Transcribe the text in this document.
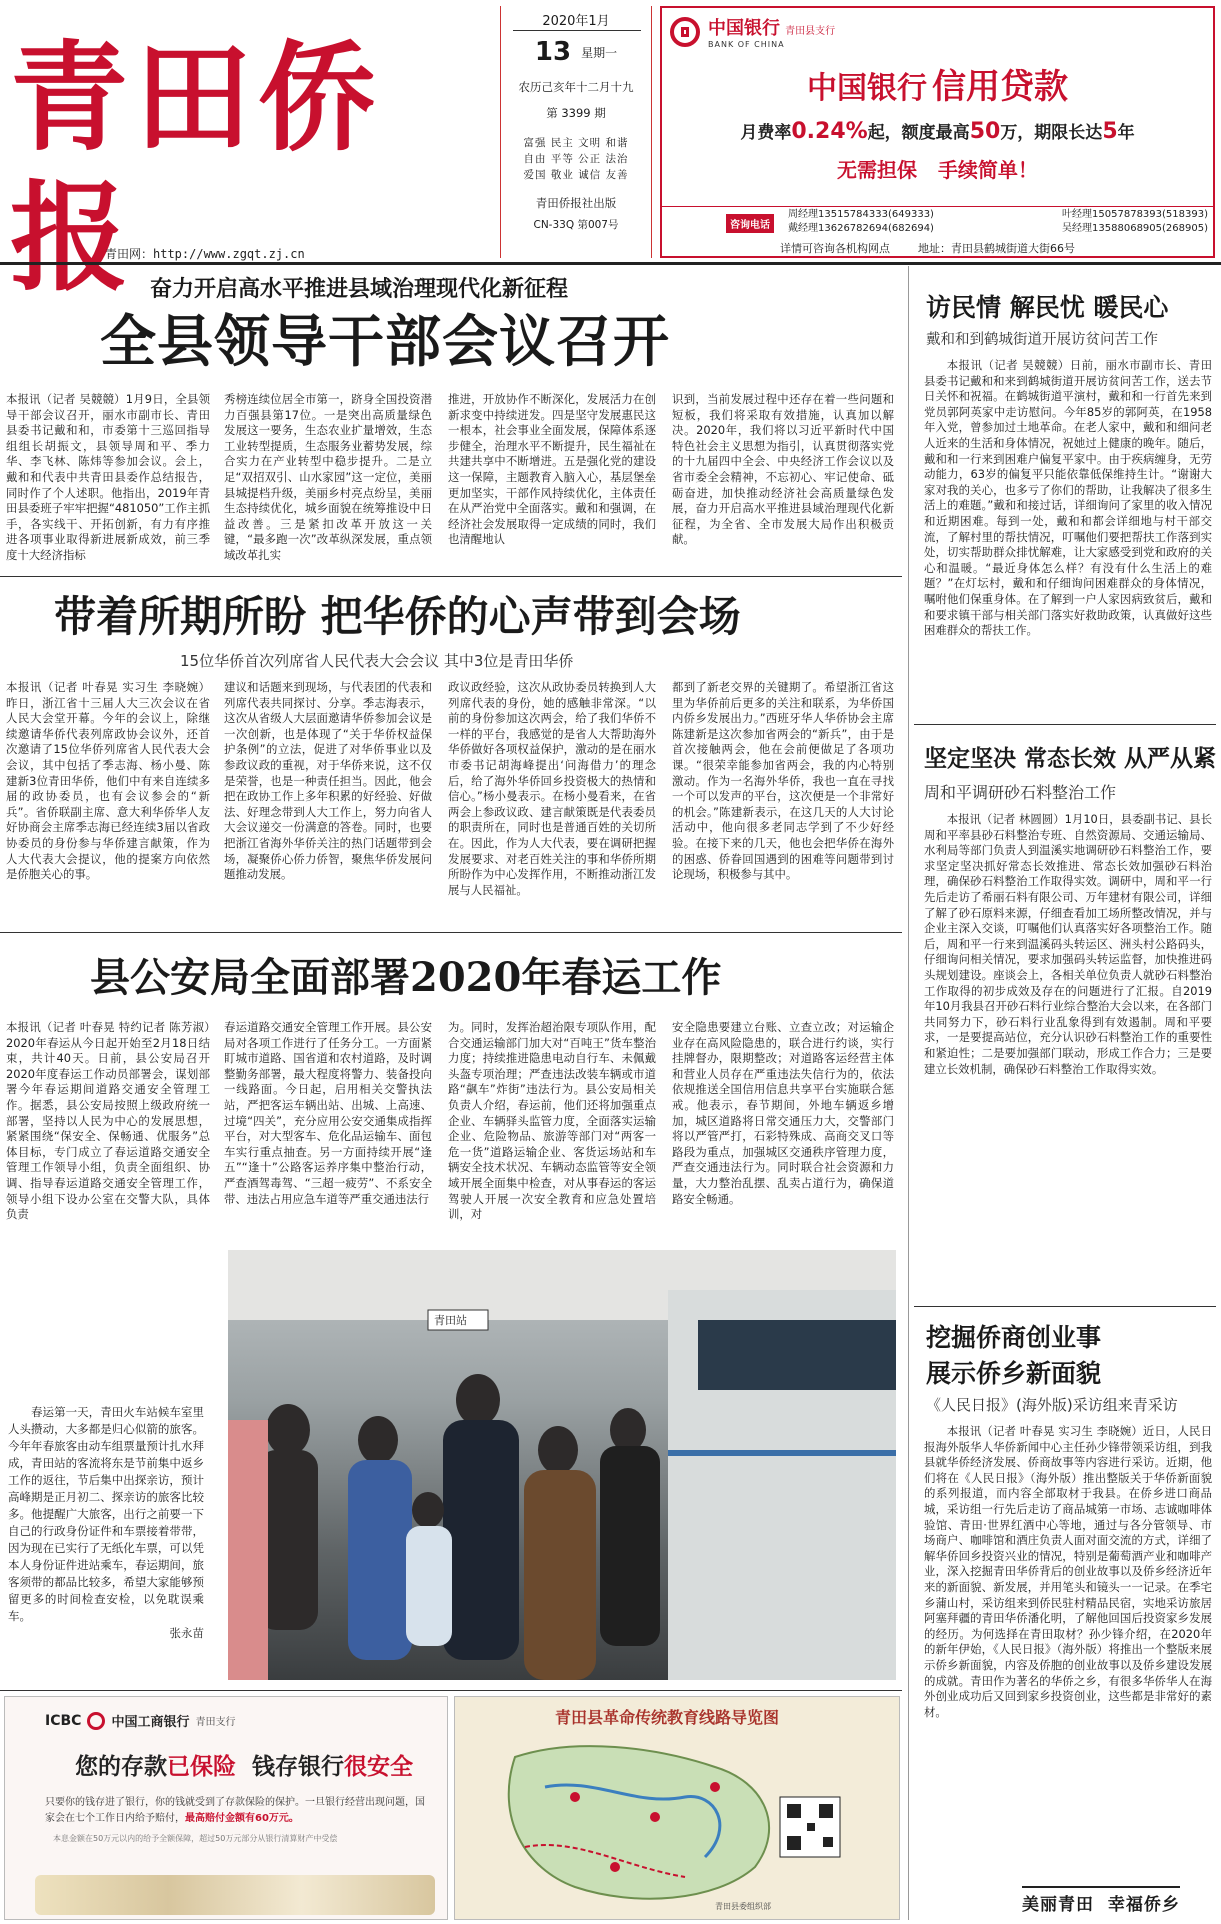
青田侨报
青田网：http://www.zgqt.zj.cn
2020年1月
13 星期一
农历己亥年十二月十九
第 3399 期
富强 民主 文明 和谐
自由 平等 公正 法治
爱国 敬业 诚信 友善
青田侨报社出版
CN-33Q 第007号
中国银行 青田县支行
BANK OF CHINA
中国银行 信用贷款
月费率0.24%起，额度最高50万，期限长达5年
无需担保 手续简单！
咨询电话
周经理13515784333(649333)	叶经理15057878393(518393)
戴经理13626782694(682694)	吴经理13588068905(268905)
详情可咨询各机构网点	地址：青田县鹤城街道大街66号
奋力开启高水平推进县域治理现代化新征程
全县领导干部会议召开
本报讯（记者 吴競競）1月9日，全县领导干部会议召开，丽水市副市长、青田县委书记戴和和，市委第十三巡回指导组组长胡振文，县领导周和平、季力华、李飞林、陈炜等参加会议。会上，戴和和代表中共青田县委作总结报告，同时作了个人述职。他指出，2019年青田县委班子牢牢把握“481050”工作主抓手，各实线干、开拓创新，有力有序推进各项事业取得新进展新成效，前三季度十大经济指标
秀榜连续位居全市第一，跻身全国投资潜力百强县第17位。一是突出高质量绿色发展这一要务，生态农业扩量增效，生态工业转型提质，生态服务业蓄势发展，综合实力在产业转型中稳步提升。二是立足“双招双引、山水家园”这一定位，美丽县城提档升级，美丽乡村亮点纷呈，美丽生态持续优化，城乡面貌在统筹推设中日益改善。三是紧扣改革开放这一关键，“最多跑一次”改革纵深发展，重点领域改革扎实
推进，开放协作不断深化，发展活力在创新求变中持续迸发。四是坚守发展惠民这一根本，社会事业全面发展，保障体系逐步健全，治理水平不断提升，民生福祉在共建共享中不断增进。五是强化党的建设这一保障，主题教育入脑入心，基层堡垒更加坚实，干部作风持续优化，主体责任在从严治党中全面落实。戴和和强调，在经济社会发展取得一定成绩的同时，我们也清醒地认
识到，当前发展过程中还存在着一些问题和短板，我们将采取有效措施，认真加以解决。2020年，我们将以习近平新时代中国特色社会主义思想为指引，认真贯彻落实党的十九届四中全会、中央经济工作会议以及省市委全会精神，不忘初心、牢记使命、砥砺奋进，加快推动经济社会高质量绿色发展，奋力开启高水平推进县域治理现代化新征程，为全省、全市发展大局作出积极贡献。
带着所期所盼 把华侨的心声带到会场
15位华侨首次列席省人民代表大会会议 其中3位是青田华侨
本报讯（记者 叶春晃 实习生 李晓婉）昨日，浙江省十三届人大三次会议在省人民大会堂开幕。今年的会议上，除继续邀请华侨代表列席政协会议外，还首次邀请了15位华侨列席省人民代表大会会议，其中包括了季志海、杨小曼、陈建新3位青田华侨，他们中有来自连续多届的政协委员，也有会议参会的“新兵”。省侨联副主席、意大利华侨华人友好协商会主席季志海已经连续3届以省政协委员的身份参与华侨建言献策，作为人大代表大会提议，他的提案方向依然是侨胞关心的事。
建议和话题来到现场，与代表团的代表和列席代表共同探讨、分享。季志海表示，这次从省级人大层面邀请华侨参加会议是一次创新，也是体现了“关于华侨权益保护条例”的立法，促进了对华侨事业以及参政议政的重视，对于华侨来说，这不仅是荣誉，也是一种责任担当。因此，他会把在政协工作上多年积累的好经验、好做法、好理念带到人大工作上，努力向省人大会议递交一份满意的答卷。同时，也要把浙江省海外华侨关注的热门话题带到会场，凝聚侨心侨力侨智，聚焦华侨发展问题推动发展。
政议政经验，这次从政协委员转换到人大列席代表的身份，她的感触非常深。“以前的身份参加这次两会，给了我们华侨不一样的平台，我感觉的是省人大帮助海外华侨做好各项权益保护，激动的是在丽水市委书记胡海峰提出‘问海借力’的理念后，给了海外华侨回乡投资极大的热情和信心。”杨小曼表示。在杨小曼看来，在省两会上参政议政、建言献策既是代表委员的职责所在，同时也是普通百姓的关切所在。因此，作为人大代表，要在调研把握发展要求、对老百姓关注的事和华侨所期所盼作为中心发挥作用，不断推动浙江发展与人民福祉。
都到了新老交界的关键期了。希望浙江省这里为华侨前后更多的关注和联系，为华侨国内侨乡发展出力。”西班牙华人华侨协会主席陈建新是这次参加省两会的“新兵”，由于是首次接触两会，他在会前便做足了各项功课。“很荣幸能参加省两会，我的内心特别激动。作为一名海外华侨，我也一直在寻找一个可以发声的平台，这次便是一个非常好的机会。”陈建新表示，在这几天的人大讨论活动中，他向很多老同志学到了不少好经验。在接下来的几天，他也会把华侨在海外的困惑、侨眷回国遇到的困难等问题带到讨论现场，积极参与其中。
县公安局全面部署2020年春运工作
本报讯（记者 叶春晃 特约记者 陈芳淑）2020年春运从今日起开始至2月18日结束，共计40天。日前，县公安局召开2020年度春运工作动员部署会，谋划部署今年春运期间道路交通安全管理工作。据悉，县公安局按照上级政府统一部署，坚持以人民为中心的发展思想，紧紧围绕“保安全、保畅通、优服务”总体目标，专门成立了春运道路交通安全管理工作领导小组，负责全面组织、协调、指导春运道路交通安全管理工作，领导小组下设办公室在交警大队，具体负责
春运道路交通安全管理工作开展。县公安局对各项工作进行了任务分工。一方面紧盯城市道路、国省道和农村道路，及时调整勤务部署，最大程度将警力、装备投向一线路面。今日起，启用相关交警执法站，严把客运车辆出站、出城、上高速、过境“四关”，充分应用公安交通集成指挥平台，对大型客车、危化品运输车、面包车实行重点抽查。另一方面持续开展“逢五”“逢十”公路客运养序集中整治行动，严查酒驾毒驾、“三超一疲劳”、不系安全带、违法占用应急车道等严重交通违法行
为。同时，发挥治超治限专项队作用，配合交通运输部门加大对“百吨王”货车整治力度；持续推进隐患电动自行车、未佩戴头盔专项治理；严查违法改装车辆或市道路“飙车”炸街”违法行为。县公安局相关负责人介绍，春运前，他们还将加强重点企业、车辆驿头监管力度，全面落实运输企业、危险物品、旅游等部门对“两客一危一货”道路运输企业、客货运场站和车辆安全技术状况、车辆动态监管等安全领域开展全面集中检查，对从事春运的客运驾驶人开展一次安全教育和应急处置培训，对
安全隐患要建立台账、立查立改；对运输企业存在高风险隐患的，联合进行约谈，实行挂牌督办，限期整改；对道路客运经营主体和营业人员存在严重违法失信行为的，依法依规推送全国信用信息共享平台实施联合惩戒。他表示，春节期间，外地车辆返乡增加，城区道路将日常交通压力大，交警部门将以严管严打，石彩特殊成、高商交叉口等路段为重点，加强城区交通秩序管理力度，严查交通违法行为。同时联合社会资源和力量，大力整治乱摆、乱卖占道行为，确保道路安全畅通。
春运第一天，青田火车站候车室里人头攒动，大多都是归心似箭的旅客。今年年春旅客由动车组票量预计扎水拜成，青田站的客流将东是节前集中返乡工作的返往，节后集中出探亲访，预计高峰期是正月初二、探亲访的旅客比较多。他提醒广大旅客，出行之前要一下自己的行政身份证件和车票接着带带，因为现在已实行了无纸化车票，可以凭本人身份证件进站乘车，春运期间，旅客须带的都品比较多，希望大家能够预留更多的时间检查安检，以免耽误乘车。
张永苗
青田站
ICBC 中国工商银行 青田支行
您的存款已保险 钱存银行很安全
只要你的钱存进了银行，你的钱就受到了存款保险的保护。一旦银行经营出现问题，国家会在七个工作日内给予赔付，最高赔付金额有60万元。
本息金额在50万元以内的给予全额保障，超过50万元部分从银行清算财产中受偿
青田县革命传统教育线路导览图
青田县委组织部
访民情 解民忧 暖民心
戴和和到鹤城街道开展访贫问苦工作
本报讯（记者 吴競競）日前，丽水市副市长、青田县委书记戴和和来到鹤城街道开展访贫问苦工作，送去节日关怀和祝福。在鹤城街道平演村，戴和和一行首先来到党员郭阿英家中走访慰问。今年85岁的郭阿英，在1958年入党，曾参加过土地革命。在老人家中，戴和和细问老人近来的生活和身体情况，祝她过上健康的晚年。随后，戴和和一行来到困难户偏复平家中。由于疾病缠身，无劳动能力，63岁的偏复平只能依靠低保维持生计。“谢谢大家对我的关心，也多亏了你们的帮助，让我解决了很多生活上的难题。”戴和和接过话，详细询问了家里的收入情况和近期困难。每到一处，戴和和都会详细地与村干部交流，了解村里的帮扶情况，叮嘱他们要把帮扶工作落到实处，切实帮助群众排忧解难，让大家感受到党和政府的关心和温暖。“最近身体怎么样？有没有什么生活上的难题？”在灯坛村，戴和和仔细询问困难群众的身体情况，嘱咐他们保重身体。在了解到一户人家因病致贫后，戴和和要求镇干部与相关部门落实好救助政策，认真做好这些困难群众的帮扶工作。
坚定坚决 常态长效 从严从紧
周和平调研砂石料整治工作
本报讯（记者 林圆圆）1月10日，县委副书记、县长周和平率县砂石料整治专班、自然资源局、交通运输局、水利局等部门负责人到温溪实地调研砂石料整治工作，要求坚定坚决抓好常态长效推进、常态长效加强砂石料治理，确保砂石料整治工作取得实效。调研中，周和平一行先后走访了希丽石料有限公司、万年建材有限公司，详细了解了砂石原料来源，仔细查看加工场所整改情况，并与企业主深入交谈，叮嘱他们认真落实好各项整治工作。随后，周和平一行来到温溪码头转运区、洲头村公路码头，仔细询问相关情况，要求加强码头转运监督，加快推进码头规划建设。座谈会上，各相关单位负责人就砂石料整治工作取得的初步成效及存在的问题进行了汇报。自2019年10月我县召开砂石料行业综合整治大会以来，在各部门共同努力下，砂石料行业乱象得到有效遏制。周和平要求，一是要提高站位，充分认识砂石料整治工作的重要性和紧迫性；二是要加强部门联动，形成工作合力；三是要建立长效机制，确保砂石料整治工作取得实效。
挖掘侨商创业事
展示侨乡新面貌
《人民日报》(海外版)采访组来青采访
本报讯（记者 叶春晃 实习生 李晓婉）近日，人民日报海外版华人华侨新闻中心主任孙少锋带领采访组，到我县就华侨经济发展、侨商故事等内容进行采访。近期，他们将在《人民日报》（海外版）推出整版关于华侨新面貌的系列报道，而内容全部取材于我县。在侨乡进口商品城，采访组一行先后走访了商品城第一市场、志诚咖啡体验馆、青田·世界红酒中心等地，通过与各分管领导、市场商户、咖啡馆和酒庄负责人面对面交流的方式，详细了解华侨回乡投资兴业的情况，特别是葡萄酒产业和咖啡产业，深入挖掘青田华侨背后的创业故事以及侨乡经济近年来的新面貌、新发展，并用笔头和镜头一一记录。在季宅乡蒲山村，采访组来到侨民驻村精品民宿，实地采访旅居阿塞拜疆的青田华侨潘化明，了解他回国后投资家乡发展的经历。为何选择在青田取材？孙少锋介绍，在2020年的新年伊始，《人民日报》（海外版）将推出一个整版来展示侨乡新面貌，内容及侨胞的创业故事以及侨乡建设发展的成就。青田作为著名的华侨之乡，有很多华侨华人在海外创业成功后又回到家乡投资创业，这些都是非常好的素材。
美丽青田 幸福侨乡
